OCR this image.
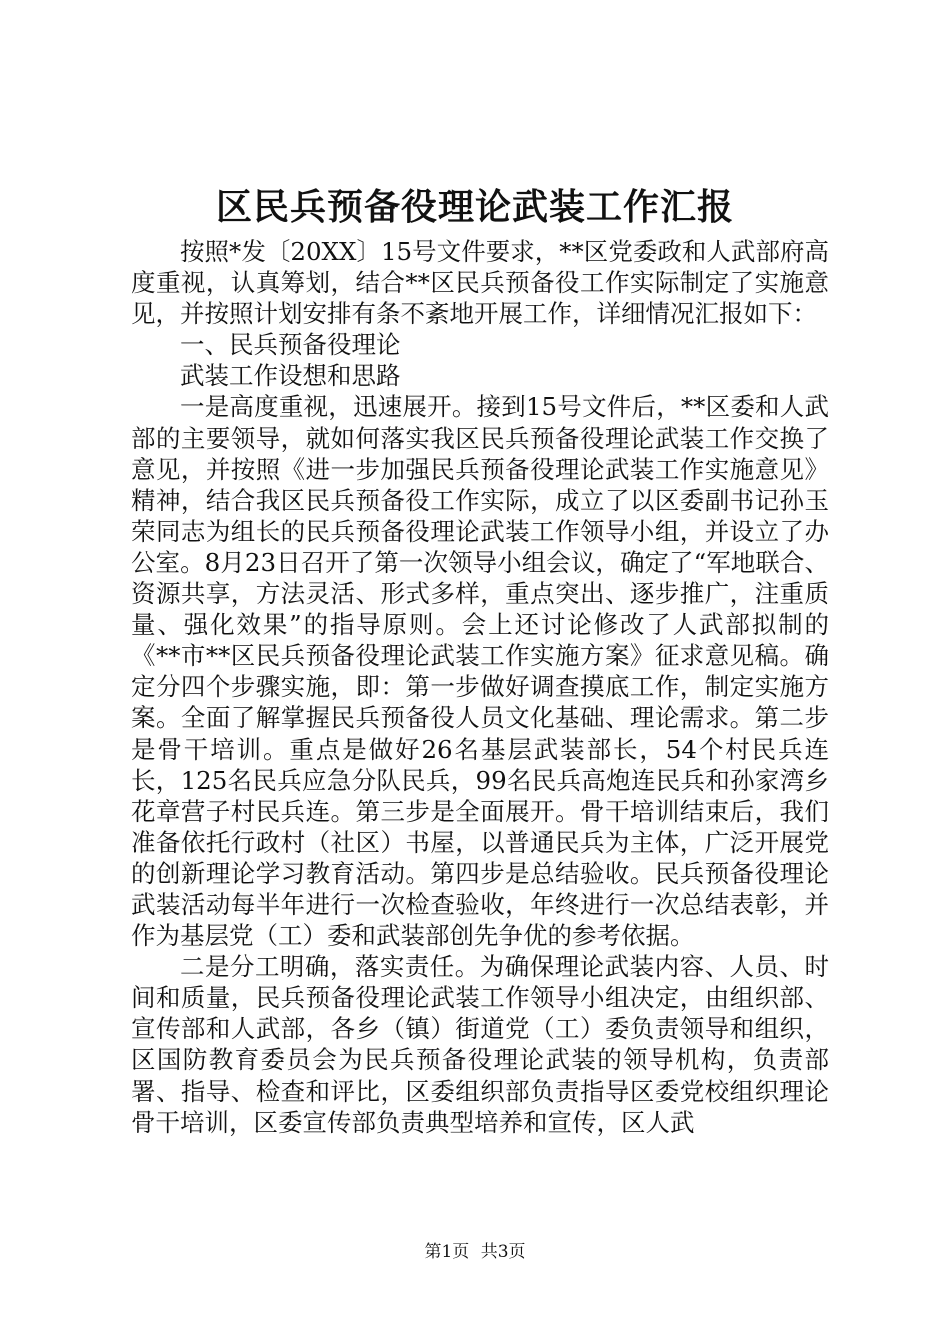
区民兵预备役理论武装工作汇报

按照*发〔20XX〕15号文件要求，**区党委政和人武部府高度重视，认真筹划，结合**区民兵预备役工作实际制定了实施意见，并按照计划安排有条不紊地开展工作，详细情况汇报如下：

一、民兵预备役理论

武装工作设想和思路

一是高度重视，迅速展开。接到15号文件后，**区委和人武部的主要领导，就如何落实我区民兵预备役理论武装工作交换了意见，并按照《进一步加强民兵预备役理论武装工作实施意见》精神，结合我区民兵预备役工作实际，成立了以区委副书记孙玉荣同志为组长的民兵预备役理论武装工作领导小组，并设立了办公室。8月23日召开了第一次领导小组会议，确定了“军地联合、资源共享，方法灵活、形式多样，重点突出、逐步推广，注重质量、强化效果”的指导原则。会上还讨论修改了人武部拟制的《**市**区民兵预备役理论武装工作实施方案》征求意见稿。确定分四个步骤实施，即：第一步做好调查摸底工作，制定实施方案。全面了解掌握民兵预备役人员文化基础、理论需求。第二步是骨干培训。重点是做好26名基层武装部长，54个村民兵连长，125名民兵应急分队民兵，99名民兵高炮连民兵和孙家湾乡花章营子村民兵连。第三步是全面展开。骨干培训结束后，我们准备依托行政村（社区）书屋，以普通民兵为主体，广泛开展党的创新理论学习教育活动。第四步是总结验收。民兵预备役理论武装活动每半年进行一次检查验收，年终进行一次总结表彰，并作为基层党（工）委和武装部创先争优的参考依据。

二是分工明确，落实责任。为确保理论武装内容、人员、时间和质量，民兵预备役理论武装工作领导小组决定，由组织部、宣传部和人武部，各乡（镇）街道党（工）委负责领导和组织，区国防教育委员会为民兵预备役理论武装的领导机构，负责部署、指导、检查和评比，区委组织部负责指导区委党校组织理论骨干培训，区委宣传部负责典型培养和宣传，区人武

第1页 共3页
